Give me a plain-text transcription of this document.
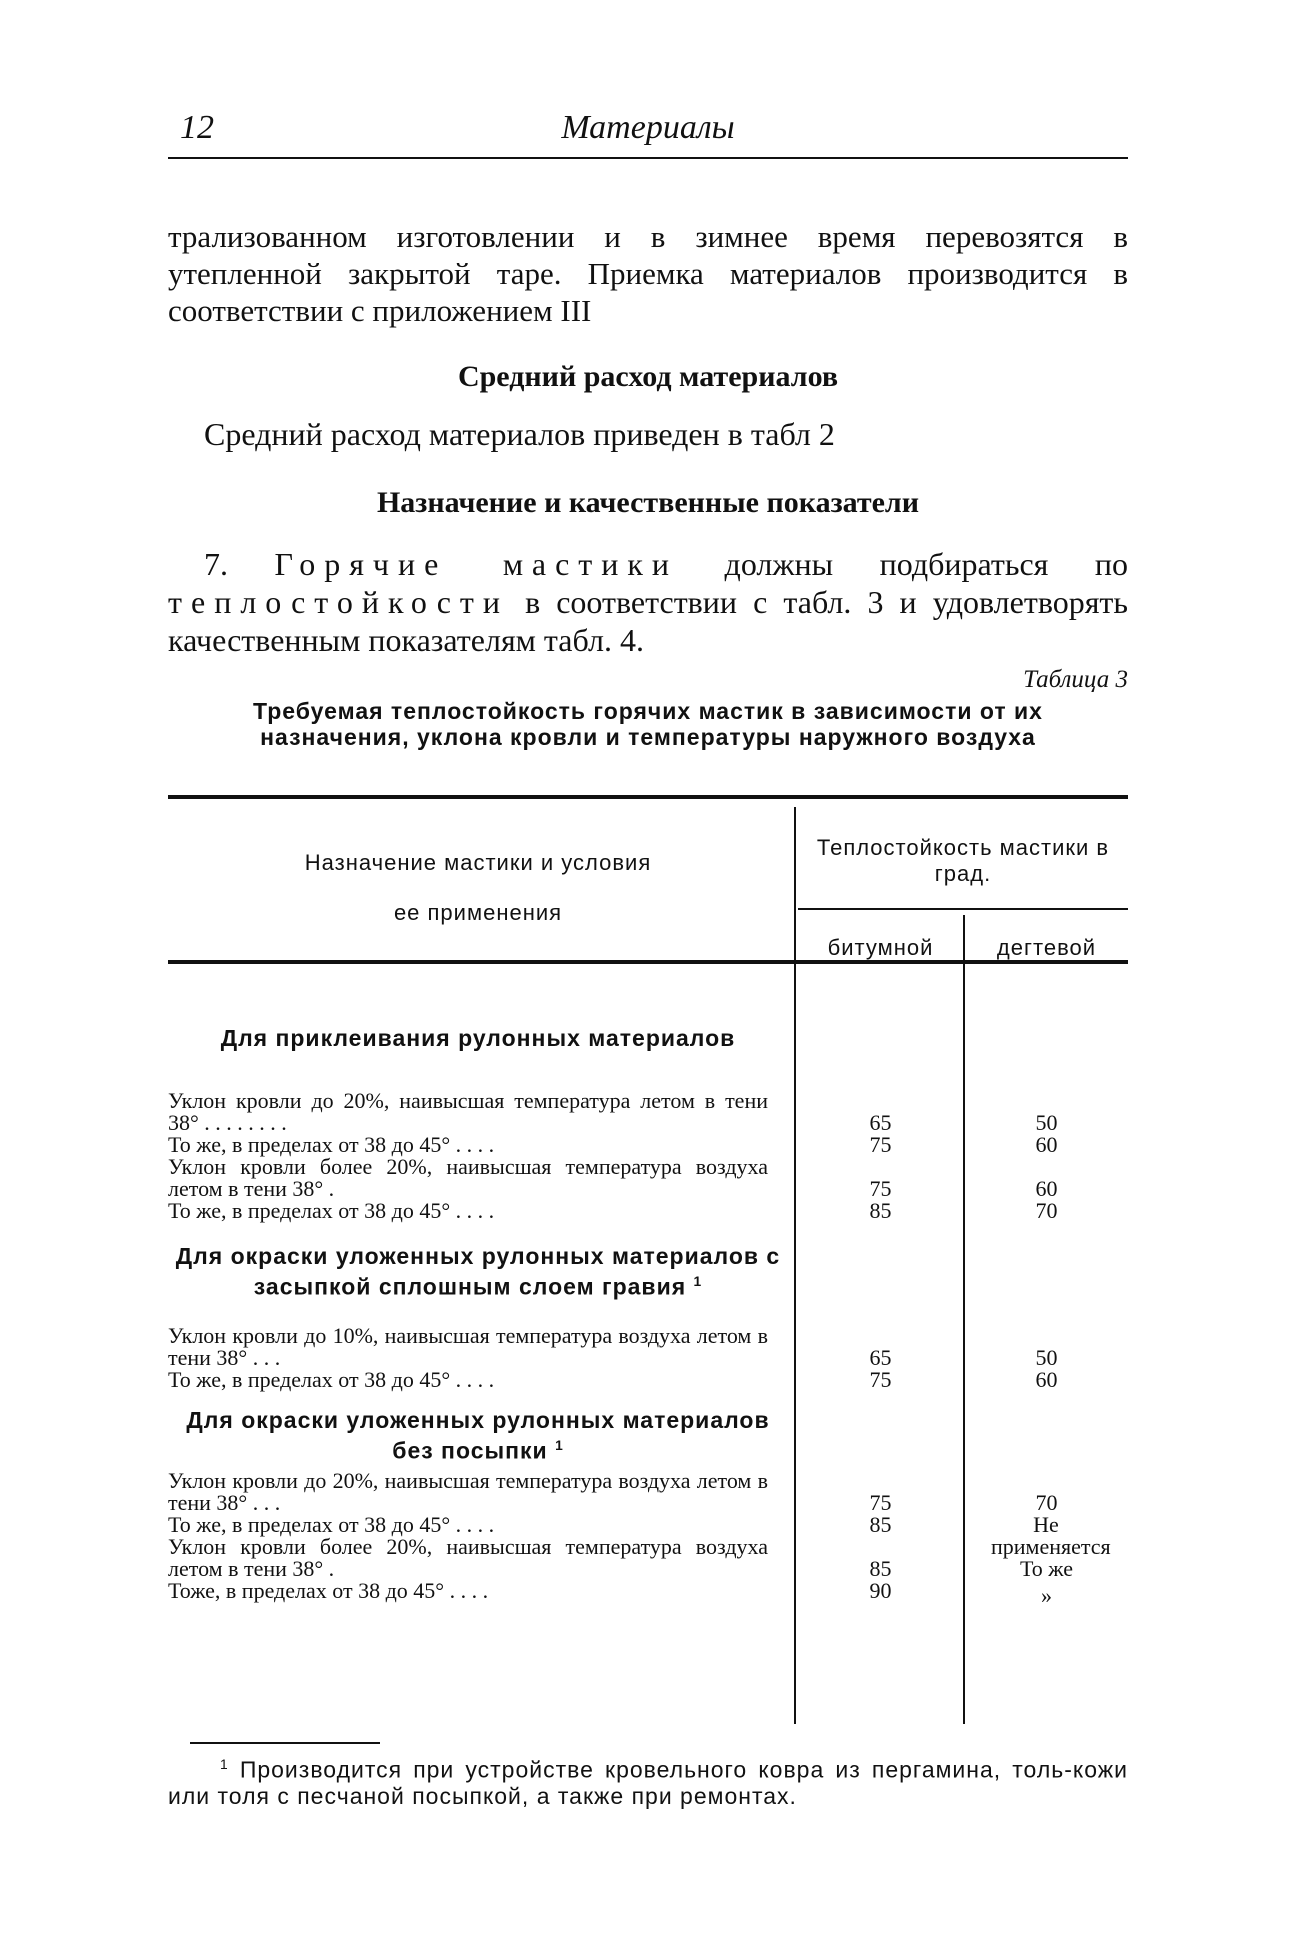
12	Материалы

трализованном изготовлении и в зимнее время перевозятся в утепленной закрытой таре. Приемка материалов производится в соответствии с приложением III

Средний расход материалов

Средний расход материалов приведен в табл 2

Назначение и качественные показатели

7. Горячие мастики должны подбираться по теплостойкости в соответствии с табл. 3 и удовлетворять качественным показателям табл. 4.

Таблица 3
Требуемая теплостойкость горячих мастик в зависимости от их назначения, уклона кровли и температуры наружного воздуха
Назначение мастики и условия
ее применения
Теплостойкость мастики в град.
битумной	дегтевой
Для приклеивания рулонных материалов
Уклон кровли до 20%, наивысшая температура летом в тени 38° . . . . . . . .	65	50
То же, в пределах от 38 до 45° . . . .	75	60
Уклон кровли более 20%, наивысшая температура воздуха летом в тени 38° .	75	60
То же, в пределах от 38 до 45° . . . .	85	70
Для окраски уложенных рулонных материалов с засыпкой сплошным слоем гравия $^1$
Уклон кровли до 10%, наивысшая температура воздуха летом в тени 38° . . .	65	50
То же, в пределах от 38 до 45° . . . .	75	60
Для окраски уложенных рулонных материалов без посыпки $^1$
Уклон кровли до 20%, наивысшая температура воздуха летом в тени 38° . . .	75	70
То же, в пределах от 38 до 45° . . . .	85	Не применяется
Уклон кровли более 20%, наивысшая температура воздуха летом в тени 38° .	85	То же
Тоже, в пределах от 38 до 45° . . . .	90	»

$^1$ Производится при устройстве кровельного ковра из пергамина, толь-кожи или толя с песчаной посыпкой, а также при ремонтах.
